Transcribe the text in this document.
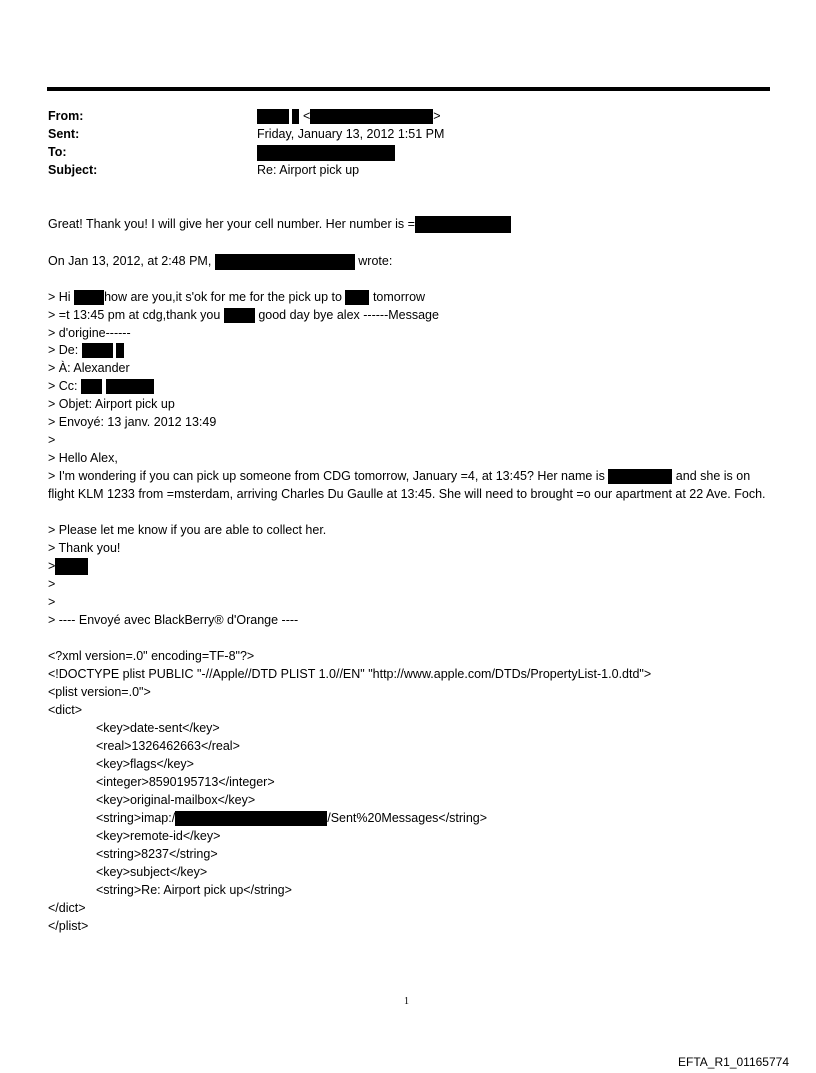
From:	<	>
Sent:	Friday, January 13, 2012 1:51 PM
To:
Subject:	Re: Airport pick up
Great! Thank you! I will give her your cell number. Her number is =
On Jan 13, 2012, at 2:48 PM,	wrote:
> Hi	how are you,it s'ok for me for the pick up to tomorrow
> =t 13:45 pm at cdg,thank you	good day bye alex ------Message
> d'origine------
> De:
> À: Alexander
> Cc:
> Objet: Airport pick up
> Envoyé: 13 janv. 2012 13:49
>
> Hello Alex,
> I'm wondering if you can pick up someone from CDG tomorrow, January =4, at 13:45? Her name is	and she is on flight KLM 1233 from =msterdam, arriving Charles Du Gaulle at 13:45. She will need to brought =o our apartment at 22 Ave. Foch.
> Please let me know if you are able to collect her.
> Thank you!
>
>
>
> ---- Envoyé avec BlackBerry® d'Orange ----
<?xml version=.0" encoding=TF-8"?>
<!DOCTYPE plist PUBLIC "-//Apple//DTD PLIST 1.0//EN" "http://www.apple.com/DTDs/PropertyList-1.0.dtd">
<plist version=.0">
<dict>
<key>date-sent</key>
<real>1326462663</real>
<key>flags</key>
<integer>8590195713</integer>
<key>original-mailbox</key>
<string>imap:/	/Sent%20Messages</string>
<key>remote-id</key>
<string>8237</string>
<key>subject</key>
<string>Re: Airport pick up</string>
</dict>
</plist>
1
EFTA_R1_01165774
